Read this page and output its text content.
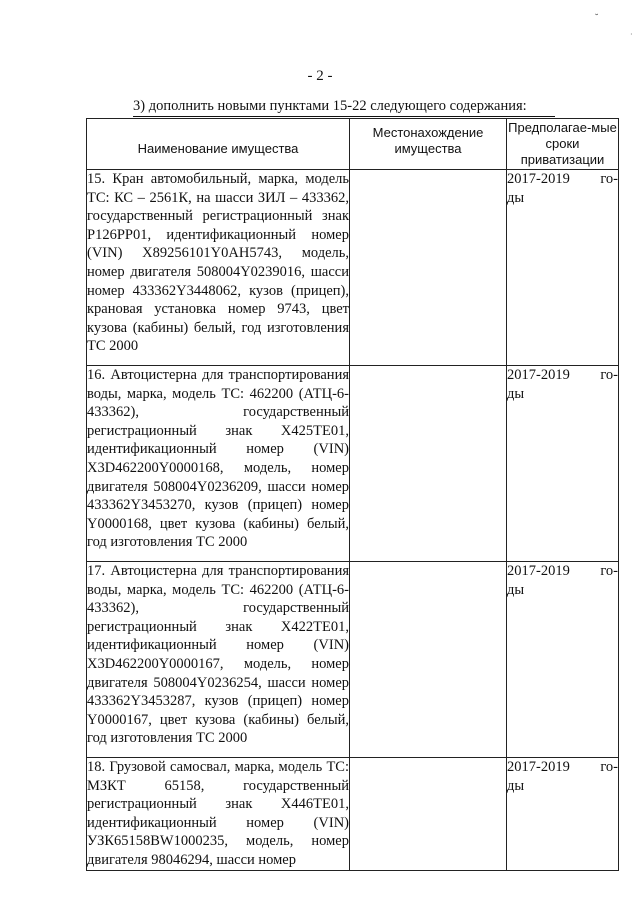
˘
·
- 2 -
3) дополнить новыми пунктами 15-22 следующего содержания:
Наименование имущества	Местонахождение имущества	Предполагае-мые сроки приватизации
15. Кран автомобильный, марка, модель ТС: КС – 2561К, на шасси ЗИЛ – 433362, государственный регистрационный знак Р126РР01, идентификационный номер (VIN) Х89256101Y0АН5743, модель, номер двигателя 508004Y0239016, шасси номер 433362Y3448062, кузов (прицеп), крановая установка номер 9743, цвет кузова (кабины) белый, год изготовления ТС 2000		2017-2019 го-
ды

16. Автоцистерна для транспортирования воды, марка, модель ТС: 462200 (АТЦ-6-433362), государственный регистрационный знак Х425ТЕ01, идентификационный номер (VIN) Х3D462200Y0000168, модель, номер двигателя 508004Y0236209, шасси номер 433362Y3453270, кузов (прицеп) номер Y0000168, цвет кузова (кабины) белый, год изготовления ТС 2000		2017-2019 го-
ды

17. Автоцистерна для транспортирования воды, марка, модель ТС: 462200 (АТЦ-6-433362), государственный регистрационный знак Х422ТЕ01, идентификационный номер (VIN) Х3D462200Y0000167, модель, номер двигателя 508004Y0236254, шасси номер 433362Y3453287, кузов (прицеп) номер Y0000167, цвет кузова (кабины) белый, год изготовления ТС 2000		2017-2019 го-
ды

18. Грузовой самосвал, марка, модель ТС: МЗКТ 65158, государственный регистрационный знак Х446ТЕ01, идентификационный номер (VIN) УЗК65158ВW1000235, модель, номер двигателя 98046294, шасси номер		2017-2019 го-
ды
